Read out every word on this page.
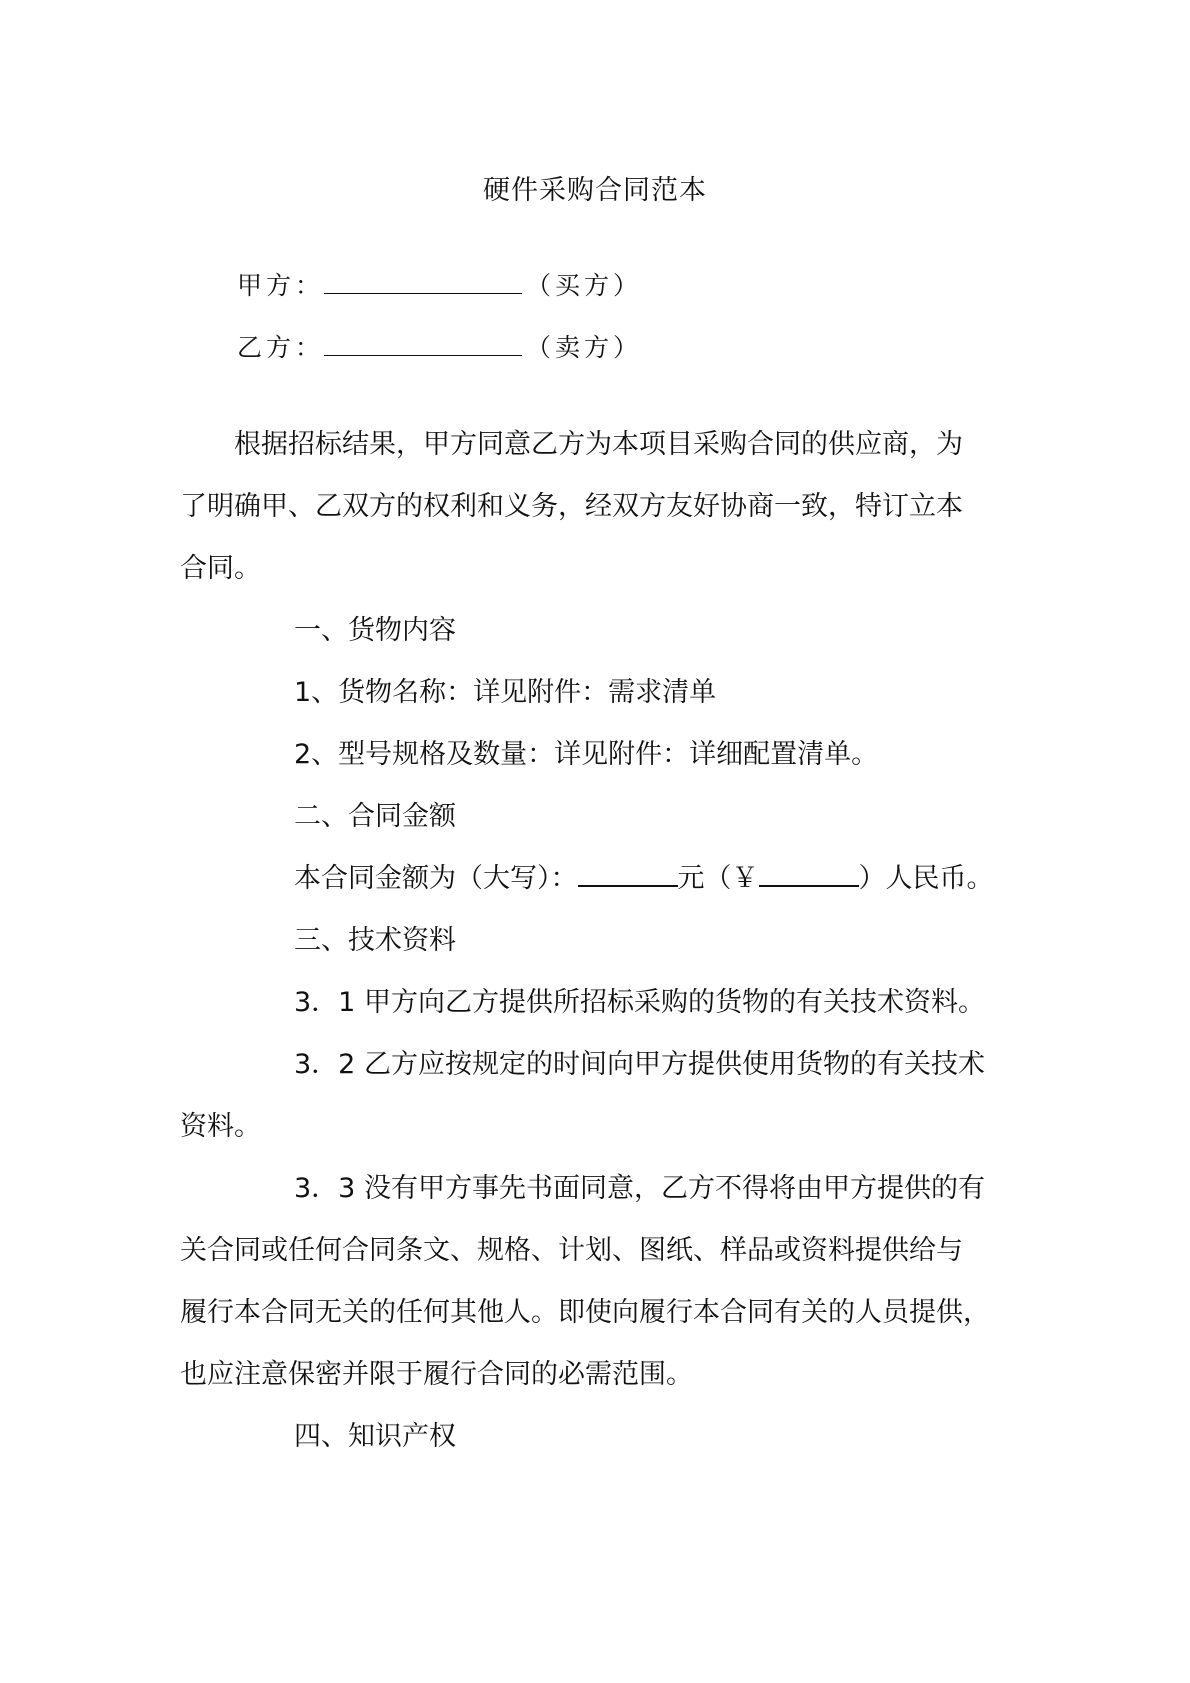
硬件采购合同范本
甲方：	（买方）
乙方：	（卖方）
根据招标结果，甲方同意乙方为本项目采购合同的供应商，为
了明确甲、乙双方的权利和义务，经双方友好协商一致，特订立本
合同。
一、货物内容
1、货物名称：详见附件：需求清单
2、型号规格及数量：详见附件：详细配置清单。
二、合同金额
本合同金额为（大写）：	元（￥	）人民币。
三、技术资料
3．1 甲方向乙方提供所招标采购的货物的有关技术资料。
3．2 乙方应按规定的时间向甲方提供使用货物的有关技术
资料。
3．3 没有甲方事先书面同意，乙方不得将由甲方提供的有
关合同或任何合同条文、规格、计划、图纸、样品或资料提供给与
履行本合同无关的任何其他人。即使向履行本合同有关的人员提供，
也应注意保密并限于履行合同的必需范围。
四、知识产权
